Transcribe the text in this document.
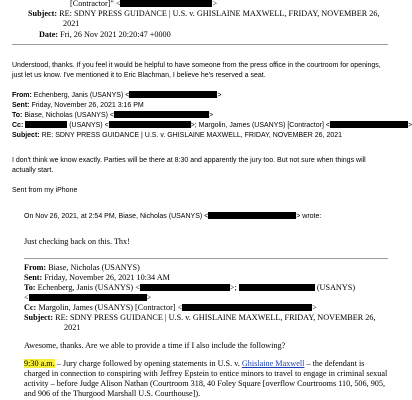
[Contractor]" <	>
Subject: RE: SDNY PRESS GUIDANCE | U.S. v. GHISLAINE MAXWELL, FRIDAY, NOVEMBER 26,
2021
Date: Fri, 26 Nov 2021 20:20:47 +0000
Understood, thanks. If you feel it would be helpful to have someone from the press office in the courtroom for openings,
just let us know. I've mentioned it to Eric Blachman, I believe he's reserved a seat.
From: Echenberg, Janis (USANYS) <	>
Sent: Friday, November 26, 2021 3:16 PM
To: Biase, Nicholas (USANYS) <	>
Cc:	(USANYS) <	>; Margolin, James (USANYS) [Contractor] <	>
Subject: RE: SDNY PRESS GUIDANCE | U.S. v. GHISLAINE MAXWELL, FRIDAY, NOVEMBER 26, 2021
I don't think we know exactly. Parties will be there at 8:30 and apparently the jury too. But not sure when things will
actually start.
Sent from my iPhone
On Nov 26, 2021, at 2:54 PM, Biase, Nicholas (USANYS) <	> wrote:
Just checking back on this. Thx!
From: Biase, Nicholas (USANYS)
Sent: Friday, November 26, 2021 10:34 AM
To: Echenberg, Janis (USANYS) <	>;	(USANYS)
<	>
Cc: Margolin, James (USANYS) [Contractor] <	>
Subject: RE: SDNY PRESS GUIDANCE | U.S. v. GHISLAINE MAXWELL, FRIDAY, NOVEMBER 26,
2021
Awesome, thanks. Are we able to provide a time if I also include the following?
9:30 a.m. – Jury charge followed by opening statements in U.S. v. Ghislaine Maxwell – the defendant is
charged in connection to conspiring with Jeffrey Epstein to entice minors to travel to engage in criminal sexual
activity – before Judge Alison Nathan (Courtroom 318, 40 Foley Square [overflow Courtrooms 110, 506, 905,
and 906 of the Thurgood Marshall U.S. Courthouse]).
